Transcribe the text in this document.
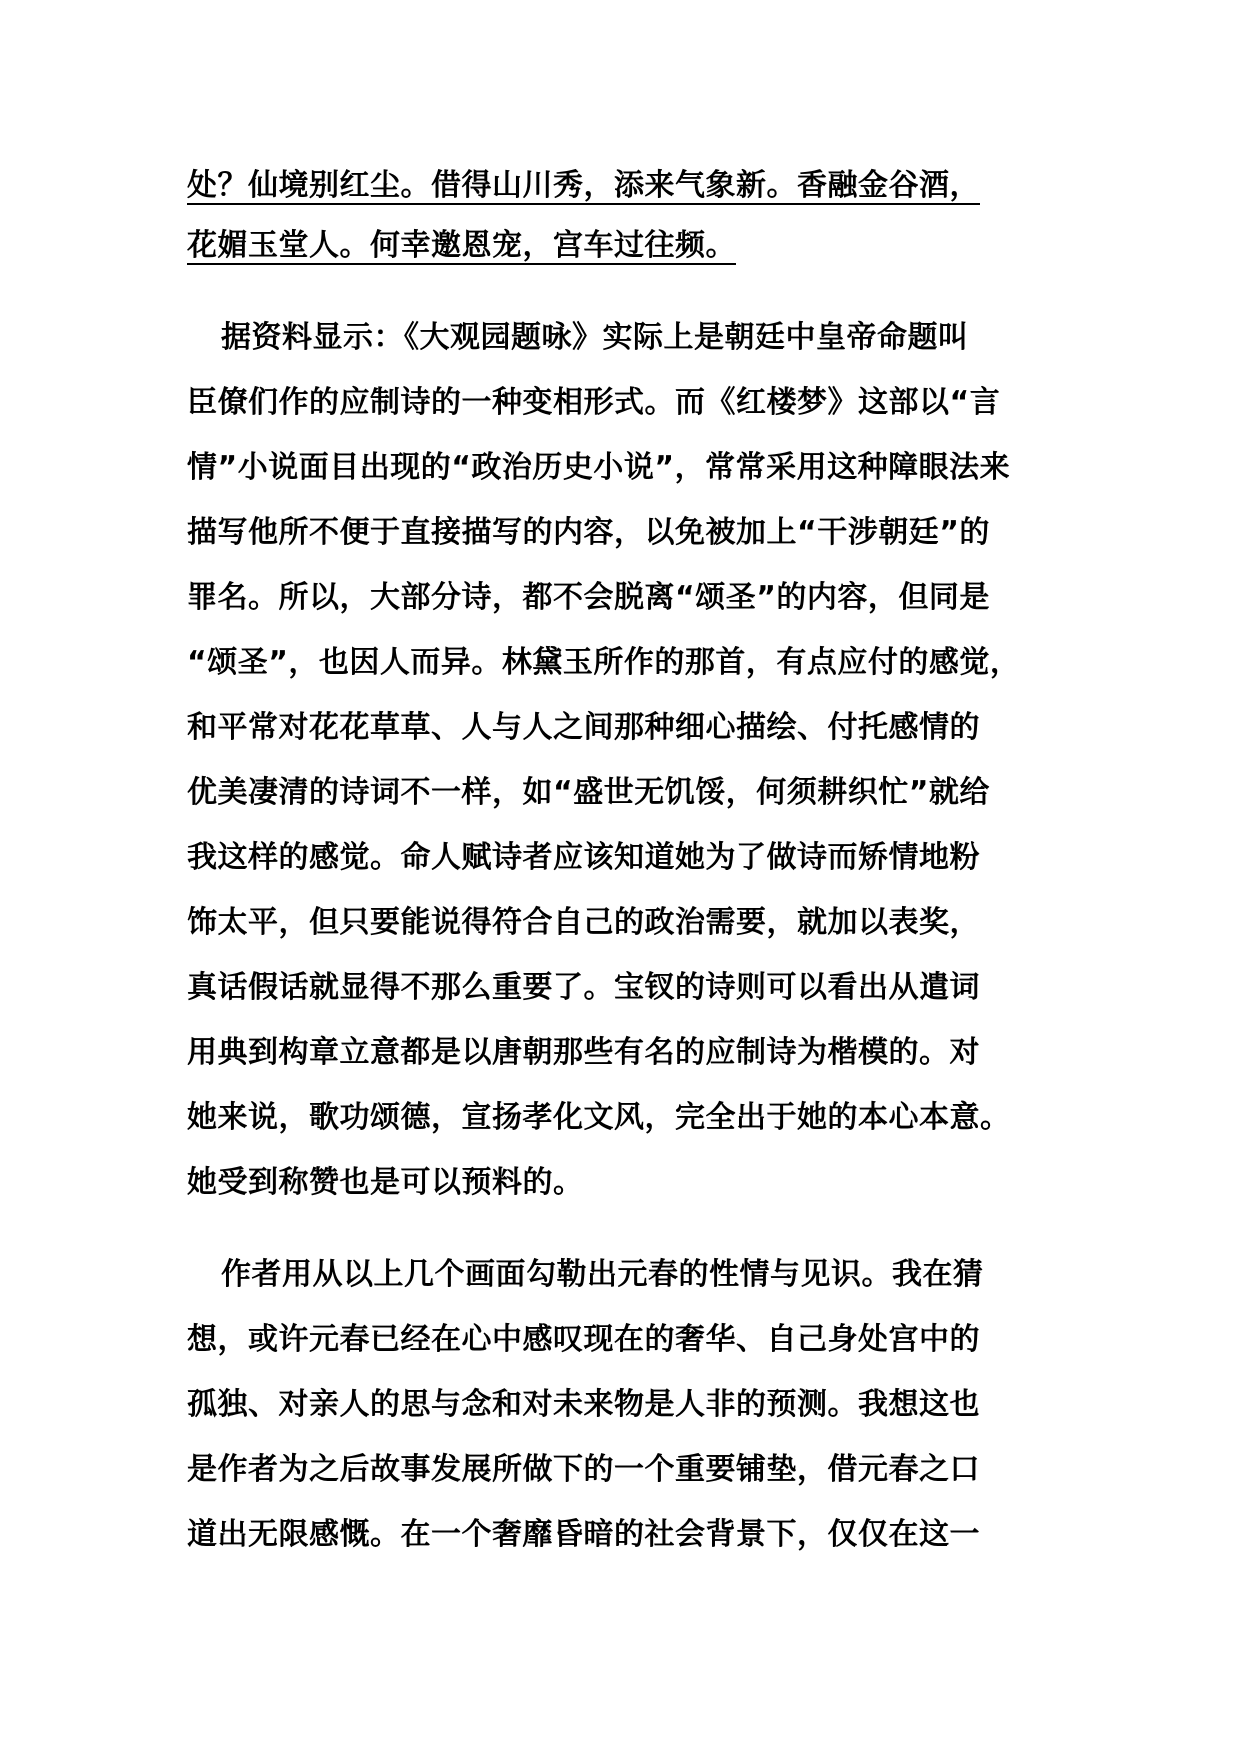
处？仙境别红尘。借得山川秀，添来气象新。香融金谷酒，
花媚玉堂人。何幸邀恩宠，宫车过往频。
据资料显示：《大观园题咏》实际上是朝廷中皇帝命题叫
臣僚们作的应制诗的一种变相形式。而《红楼梦》这部以“言
情”小说面目出现的“政治历史小说”，常常采用这种障眼法来
描写他所不便于直接描写的内容，以免被加上“干涉朝廷”的
罪名。所以，大部分诗，都不会脱离“颂圣”的内容，但同是
“颂圣”，也因人而异。林黛玉所作的那首，有点应付的感觉，
和平常对花花草草、人与人之间那种细心描绘、付托感情的
优美凄清的诗词不一样，如“盛世无饥馁，何须耕织忙”就给
我这样的感觉。命人赋诗者应该知道她为了做诗而矫情地粉
饰太平，但只要能说得符合自己的政治需要，就加以表奖，
真话假话就显得不那么重要了。宝钗的诗则可以看出从遣词
用典到构章立意都是以唐朝那些有名的应制诗为楷模的。对
她来说，歌功颂德，宣扬孝化文风，完全出于她的本心本意。
她受到称赞也是可以预料的。
作者用从以上几个画面勾勒出元春的性情与见识。我在猜
想，或许元春已经在心中感叹现在的奢华、自己身处宫中的
孤独、对亲人的思与念和对未来物是人非的预测。我想这也
是作者为之后故事发展所做下的一个重要铺垫，借元春之口
道出无限感慨。在一个奢靡昏暗的社会背景下，仅仅在这一
